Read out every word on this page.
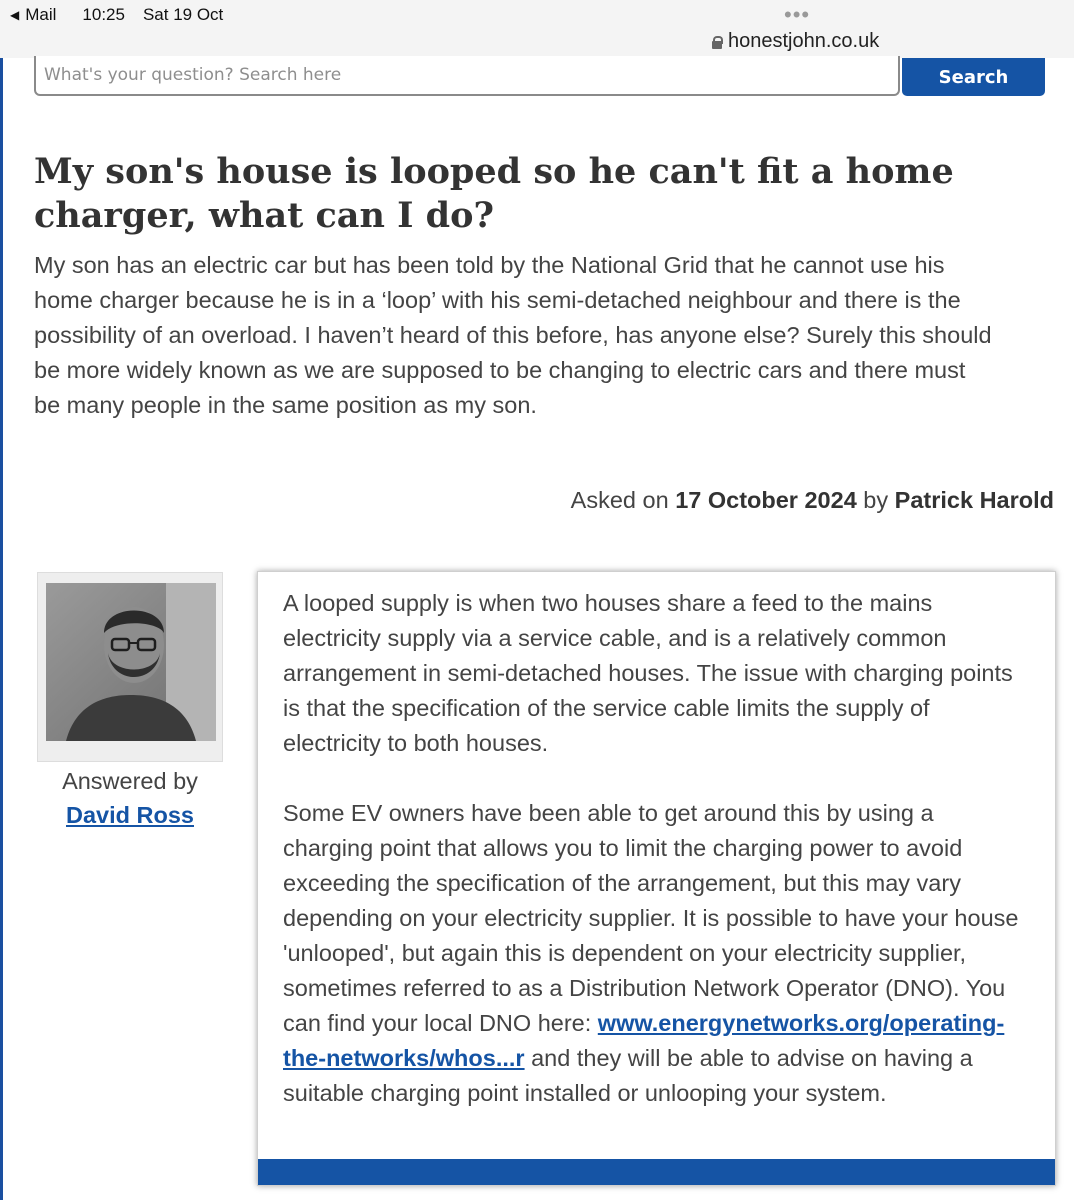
◀ Mail 10:25 Sat 19 Oct	•••
honestjohn.co.uk
What's your question? Search here
Search
My son's house is looped so he can't fit a home charger, what can I do?

My son has an electric car but has been told by the National Grid that he cannot use his home charger because he is in a ‘loop’ with his semi-detached neighbour and there is the possibility of an overload. I haven’t heard of this before, has anyone else? Surely this should be more widely known as we are supposed to be changing to electric cars and there must be many people in the same position as my son.

Asked on 17 October 2024 by Patrick Harold

Answered by

David Ross

A looped supply is when two houses share a feed to the mains electricity supply via a service cable, and is a relatively common arrangement in semi-detached houses. The issue with charging points is that the specification of the service cable limits the supply of electricity to both houses.

Some EV owners have been able to get around this by using a charging point that allows you to limit the charging power to avoid exceeding the specification of the arrangement, but this may vary depending on your electricity supplier. It is possible to have your house 'unlooped', but again this is dependent on your electricity supplier, sometimes referred to as a Distribution Network Operator (DNO). You can find your local DNO here: www.energynetworks.org/operating-the-networks/whos...r and they will be able to advise on having a suitable charging point installed or unlooping your system.
